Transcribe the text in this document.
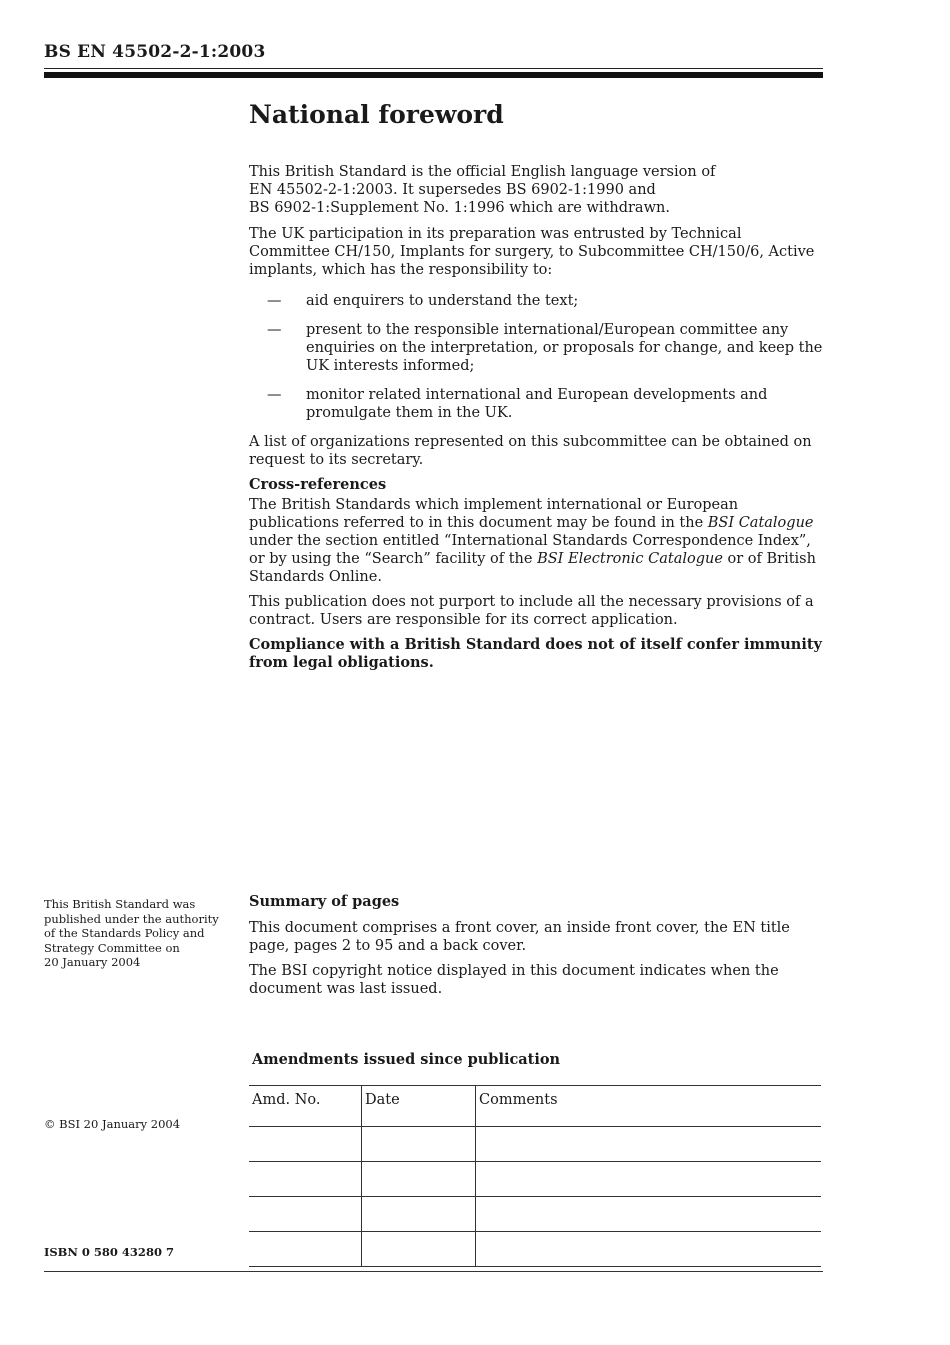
BS EN 45502-2-1:2003
National foreword

This British Standard is the official English language version of

EN 45502-2-1:2003. It supersedes BS 6902-1:1990 and

BS 6902-1:Supplement No. 1:1996 which are withdrawn.

The UK participation in its preparation was entrusted by Technical Committee CH/150, Implants for surgery, to Subcommittee CH/150/6, Active implants, which has the responsibility to:

— aid enquirers to understand the text;
— present to the responsible international/European committee any enquiries on the interpretation, or proposals for change, and keep the UK interests informed;
— monitor related international and European developments and promulgate them in the UK.

A list of organizations represented on this subcommittee can be obtained on request to its secretary.

Cross-references

The British Standards which implement international or European publications referred to in this document may be found in the BSI Catalogue under the section entitled “International Standards Correspondence Index”, or by using the “Search” facility of the BSI Electronic Catalogue or of British Standards Online.

This publication does not purport to include all the necessary provisions of a contract. Users are responsible for its correct application.

Compliance with a British Standard does not of itself confer immunity from legal obligations.

This British Standard was
published under the authority
of the Standards Policy and
Strategy Committee on
20 January 2004
© BSI 20 January 2004
ISBN 0 580 43280 7
Summary of pages

This document comprises a front cover, an inside front cover, the EN title page, pages 2 to 95 and a back cover.

The BSI copyright notice displayed in this document indicates when the document was last issued.

Amendments issued since publication
Amd. No.	Date	Comments
